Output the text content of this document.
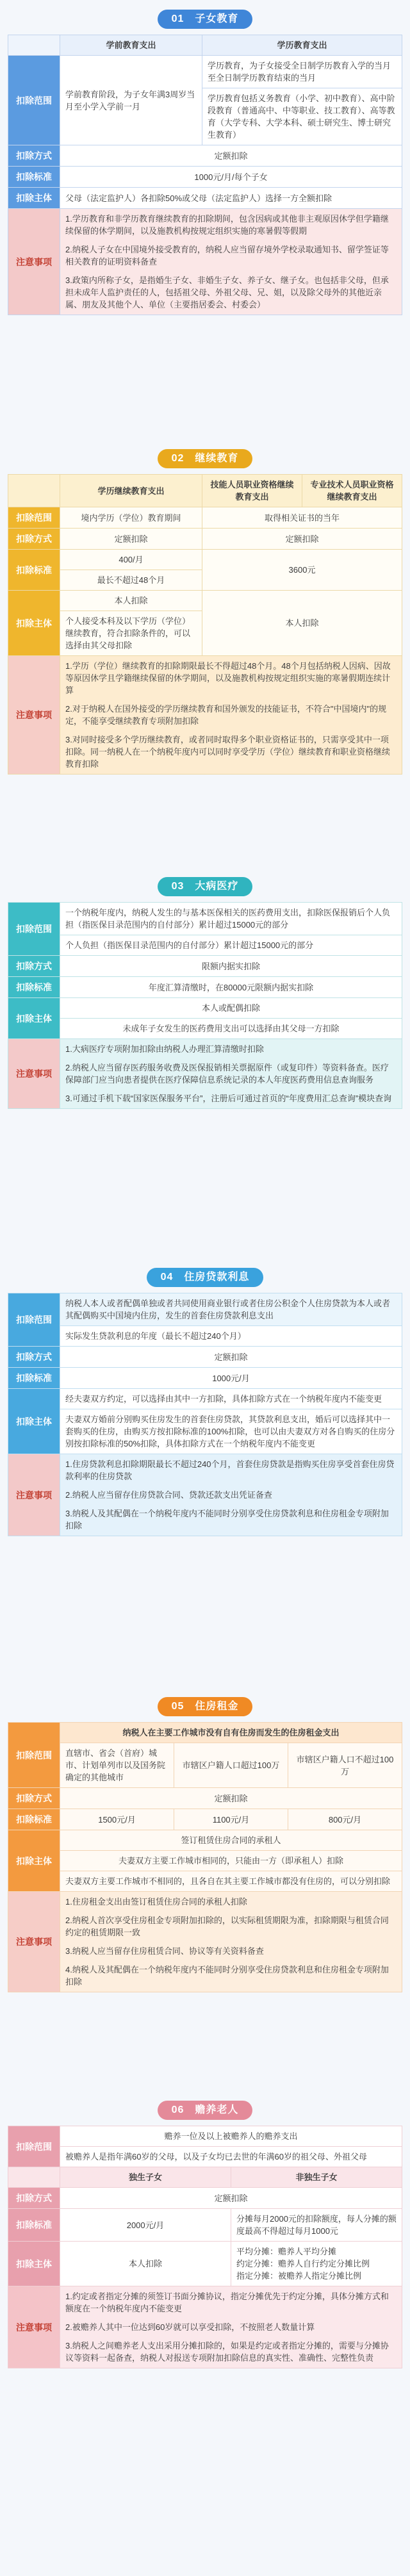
01　子女教育
	学前教育支出	学历教育支出
扣除范围	学前教育阶段，为子女年满3周岁当月至小学入学前一月	学历教育，为子女接受全日制学历教育入学的当月至全日制学历教育结束的当月
		学历教育包括义务教育（小学、初中教育）、高中阶段教育（普通高中、中等职业、技工教育）、高等教育（大学专科、大学本科、硕士研究生、博士研究生教育）
扣除方式	定额扣除	
扣除标准	1000元/月/每个子女	
扣除主体	父母（法定监护人）各扣除50%或父母（法定监护人）选择一方全额扣除	
注意事项	1.学历教育和非学历教育继续教育的扣除期间，包含因病或其他非主观原因休学但学籍继续保留的休学期间，以及施教机构按规定组织实施的寒暑假等假期

2.纳税人子女在中国境外接受教育的，纳税人应当留存境外学校录取通知书、留学签证等相关教育的证明资料备查

3.政策内所称子女，是指婚生子女、非婚生子女、养子女、继子女。也包括非父母，但承担未成年人监护责任的人，包括祖父母、外祖父母、兄、姐，以及除父母外的其他近亲属、朋友及其他个人、单位（主要指居委会、村委会）	

02　继续教育
	学历继续教育支出	技能人员职业资格继续教育支出	专业技术人员职业资格继续教育支出
扣除范围	境内学历（学位）教育期间	取得相关证书的当年	
扣除方式	定额扣除	定额扣除	
扣除标准	400/月	3600元	
	最长不超过48个月		
扣除主体	本人扣除	本人扣除	
	个人接受本科及以下学历（学位）继续教育，符合扣除条件的，可以选择由其父母扣除		
注意事项	1.学历（学位）继续教育的扣除期限最长不得超过48个月。48个月包括纳税人因病、因故等原因休学且学籍继续保留的休学期间，以及施教机构按规定组织实施的寒暑假期连续计算

2.对于纳税人在国外接受的学历继续教育和国外颁发的技能证书，不符合"中国境内"的规定，不能享受继续教育专项附加扣除

3.对同时接受多个学历继续教育，或者同时取得多个职业资格证书的，只需享受其中一项扣除。同一纳税人在一个纳税年度内可以同时享受学历（学位）继续教育和职业资格继续教育扣除		

03　大病医疗
扣除范围	一个纳税年度内，纳税人发生的与基本医保相关的医药费用支出，扣除医保报销后个人负担（指医保目录范围内的自付部分）累计超过15000元的部分
	个人负担（指医保目录范围内的自付部分）累计超过15000元的部分
扣除方式	限额内据实扣除
扣除标准	年度汇算清缴时，在80000元限额内据实扣除
扣除主体	本人或配偶扣除
	未成年子女发生的医药费用支出可以选择由其父母一方扣除
注意事项	1.大病医疗专项附加扣除由纳税人办理汇算清缴时扣除

2.纳税人应当留存医药服务收费及医保报销相关票据原件（或复印件）等资料备查。医疗保障部门应当向患者提供在医疗保障信息系统记录的本人年度医药费用信息查询服务

3.可通过手机下载“国家医保服务平台”，注册后可通过首页的“年度费用汇总查询”模块查询

04　住房贷款利息
扣除范围	纳税人本人或者配偶单独或者共同使用商业银行或者住房公积金个人住房贷款为本人或者其配偶购买中国境内住房，发生的首套住房贷款利息支出
	实际发生贷款利息的年度（最长不超过240个月）
扣除方式	定额扣除
扣除标准	1000元/月
扣除主体	经夫妻双方约定，可以选择由其中一方扣除，具体扣除方式在一个纳税年度内不能变更
	夫妻双方婚前分别购买住房发生的首套住房贷款，其贷款利息支出，婚后可以选择其中一套购买的住房，由购买方按扣除标准的100%扣除，也可以由夫妻双方对各自购买的住房分别按扣除标准的50%扣除，具体扣除方式在一个纳税年度内不能变更
注意事项	1.住房贷款利息扣除期限最长不超过240个月，首套住房贷款是指购买住房享受首套住房贷款利率的住房贷款

2.纳税人应当留存住房贷款合同、贷款还款支出凭证备查

3.纳税人及其配偶在一个纳税年度内不能同时分别享受住房贷款利息和住房租金专项附加扣除

05　住房租金
扣除范围	纳税人在主要工作城市没有自有住房而发生的住房租金支出		
	直辖市、省会（首府）城市、计划单列市以及国务院确定的其他城市	市辖区户籍人口超过100万	市辖区户籍人口不超过100万
扣除方式	定额扣除		
扣除标准	1500元/月	1100元/月	800元/月
扣除主体	签订租赁住房合同的承租人		
	夫妻双方主要工作城市相同的，只能由一方（即承租人）扣除		
	夫妻双方主要工作城市不相同的，且各自在其主要工作城市都没有住房的，可以分别扣除		
注意事项	1.住房租金支出由签订租赁住房合同的承租人扣除

2.纳税人首次享受住房租金专项附加扣除的，以实际租赁期限为准，扣除期限与租赁合同约定的租赁期限一致

3.纳税人应当留存住房租赁合同、协议等有关资料备查

4.纳税人及其配偶在一个纳税年度内不能同时分别享受住房贷款利息和住房租金专项附加扣除		

06　赡养老人
扣除范围	赡养一位及以上被赡养人的赡养支出	
	被赡养人是指年满60岁的父母，以及子女均已去世的年满60岁的祖父母、外祖父母	
	独生子女	非独生子女
扣除方式	定额扣除	
扣除标准	2000元/月	分摊每月2000元的扣除额度，每人分摊的额度最高不得超过每月1000元
扣除主体	本人扣除	平均分摊：赡养人平均分摊
约定分摊：赡养人自行约定分摊比例
指定分摊：被赡养人指定分摊比例

注意事项	1.约定或者指定分摊的须签订书面分摊协议，指定分摊优先于约定分摊，具体分摊方式和额度在一个纳税年度内不能变更

2.被赡养人其中一位达到60岁就可以享受扣除，不按照老人数量计算

3.纳税人之间赡养老人支出采用分摊扣除的，如果是约定或者指定分摊的，需要与分摊协议等资料一起备查，纳税人对报送专项附加扣除信息的真实性、准确性、完整性负责	
